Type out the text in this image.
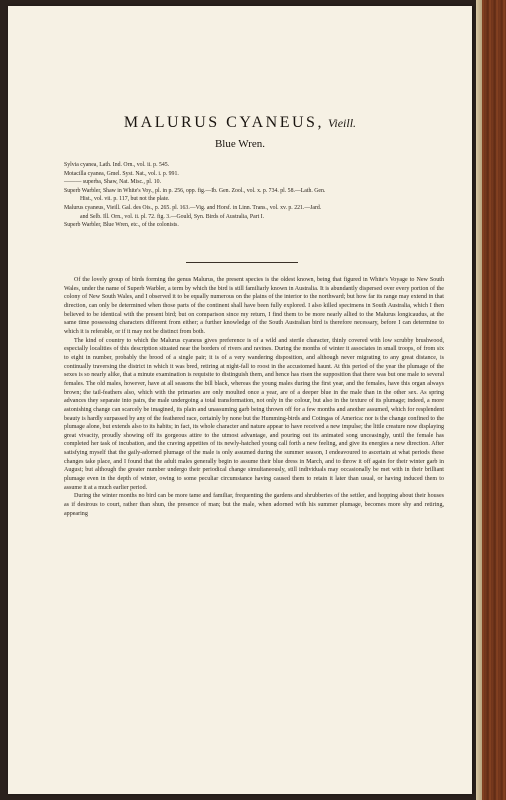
MALURUS CYANEUS, Vieill.
Blue Wren.
Sylvia cyanea, Lath. Ind. Orn., vol. ii. p. 545.
Motacilla cyanea, Gmel. Syst. Nat., vol. i. p. 991.
——— superba, Shaw, Nat. Misc., pl. 10.
Superb Warbler, Shaw in White's Voy., pl. in p. 256, opp. fig.—Ib. Gen. Zool., vol. x. p. 734. pl. 58.—Lath. Gen.
Hist., vol. vii. p. 117, but not the plate.
Malurus cyaneus, Vieill. Gal. des Ois., p. 265. pl. 163.—Vig. and Horsf. in Linn. Trans., vol. xv. p. 221.—Jard.
and Selb. Ill. Orn., vol. ii. pl. 72. fig. 3.—Gould, Syn. Birds of Australia, Part I.
Superb Warbler, Blue Wren, etc., of the colonists.

Of the lovely group of birds forming the genus Malurus, the present species is the oldest known, being that figured in White's Voyage to New South Wales, under the name of Superb Warbler, a term by which the bird is still familiarly known in Australia. It is abundantly dispersed over every portion of the colony of New South Wales, and I observed it to be equally numerous on the plains of the interior to the northward; but how far its range may extend in that direction, can only be determined when those parts of the continent shall have been fully explored. I also killed specimens in South Australia, which I then believed to be identical with the present bird; but on comparison since my return, I find them to be more nearly allied to the Malurus longicaudus, at the same time possessing characters different from either; a further knowledge of the South Australian bird is therefore necessary, before I can determine to which it is referable, or if it may not be distinct from both.

The kind of country to which the Malurus cyaneus gives preference is of a wild and sterile character, thinly covered with low scrubby brushwood, especially localities of this description situated near the borders of rivers and ravines. During the months of winter it associates in small troops, of from six to eight in number, probably the brood of a single pair; it is of a very wandering disposition, and although never migrating to any great distance, is continually traversing the district in which it was bred, retiring at night-fall to roost in the accustomed haunt. At this period of the year the plumage of the sexes is so nearly alike, that a minute examination is requisite to distinguish them, and hence has risen the supposition that there was but one male to several females. The old males, however, have at all seasons the bill black, whereas the young males during the first year, and the females, have this organ always brown; the tail-feathers also, which with the primaries are only moulted once a year, are of a deeper blue in the male than in the other sex. As spring advances they separate into pairs, the male undergoing a total transformation, not only in the colour, but also in the texture of its plumage; indeed, a more astonishing change can scarcely be imagined, its plain and unassuming garb being thrown off for a few months and another assumed, which for resplendent beauty is hardly surpassed by any of the feathered race, certainly by none but the Humming-birds and Cotingas of America: nor is the change confined to the plumage alone, but extends also to its habits; in fact, its whole character and nature appear to have received a new impulse; the little creature now displaying great vivacity, proudly showing off its gorgeous attire to the utmost advantage, and pouring out its animated song unceasingly, until the female has completed her task of incubation, and the craving appetites of its newly-hatched young call forth a new feeling, and give its energies a new direction. After satisfying myself that the gaily-adorned plumage of the male is only assumed during the summer season, I endeavoured to ascertain at what periods these changes take place, and I found that the adult males generally begin to assume their blue dress in March, and to throw it off again for their winter garb in August; but although the greater number undergo their periodical change simultaneously, still individuals may occasionally be met with in their brilliant plumage even in the depth of winter, owing to some peculiar circumstance having caused them to retain it later than usual, or having induced them to assume it at a much earlier period.

During the winter months no bird can be more tame and familiar, frequenting the gardens and shrubberies of the settler, and hopping about their houses as if desirous to court, rather than shun, the presence of man; but the male, when adorned with his summer plumage, becomes more shy and retiring, appearing
